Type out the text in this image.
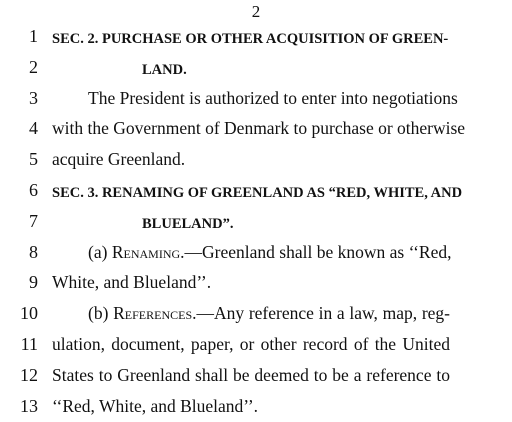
2
1 SEC. 2. PURCHASE OR OTHER ACQUISITION OF GREEN-
2	LAND.
3	The President is authorized to enter into negotiations
4 with the Government of Denmark to purchase or otherwise
5 acquire Greenland.
6 SEC. 3. RENAMING OF GREENLAND AS “RED, WHITE, AND
7	BLUELAND”.
8	(a) Renaming.—Greenland shall be known as ‘‘Red,
9 White, and Blueland’’.
10	(b) References.—Any reference in a law, map, reg-
11 ulation, document, paper, or other record of the United
12 States to Greenland shall be deemed to be a reference to
13 ‘‘Red, White, and Blueland’’.
